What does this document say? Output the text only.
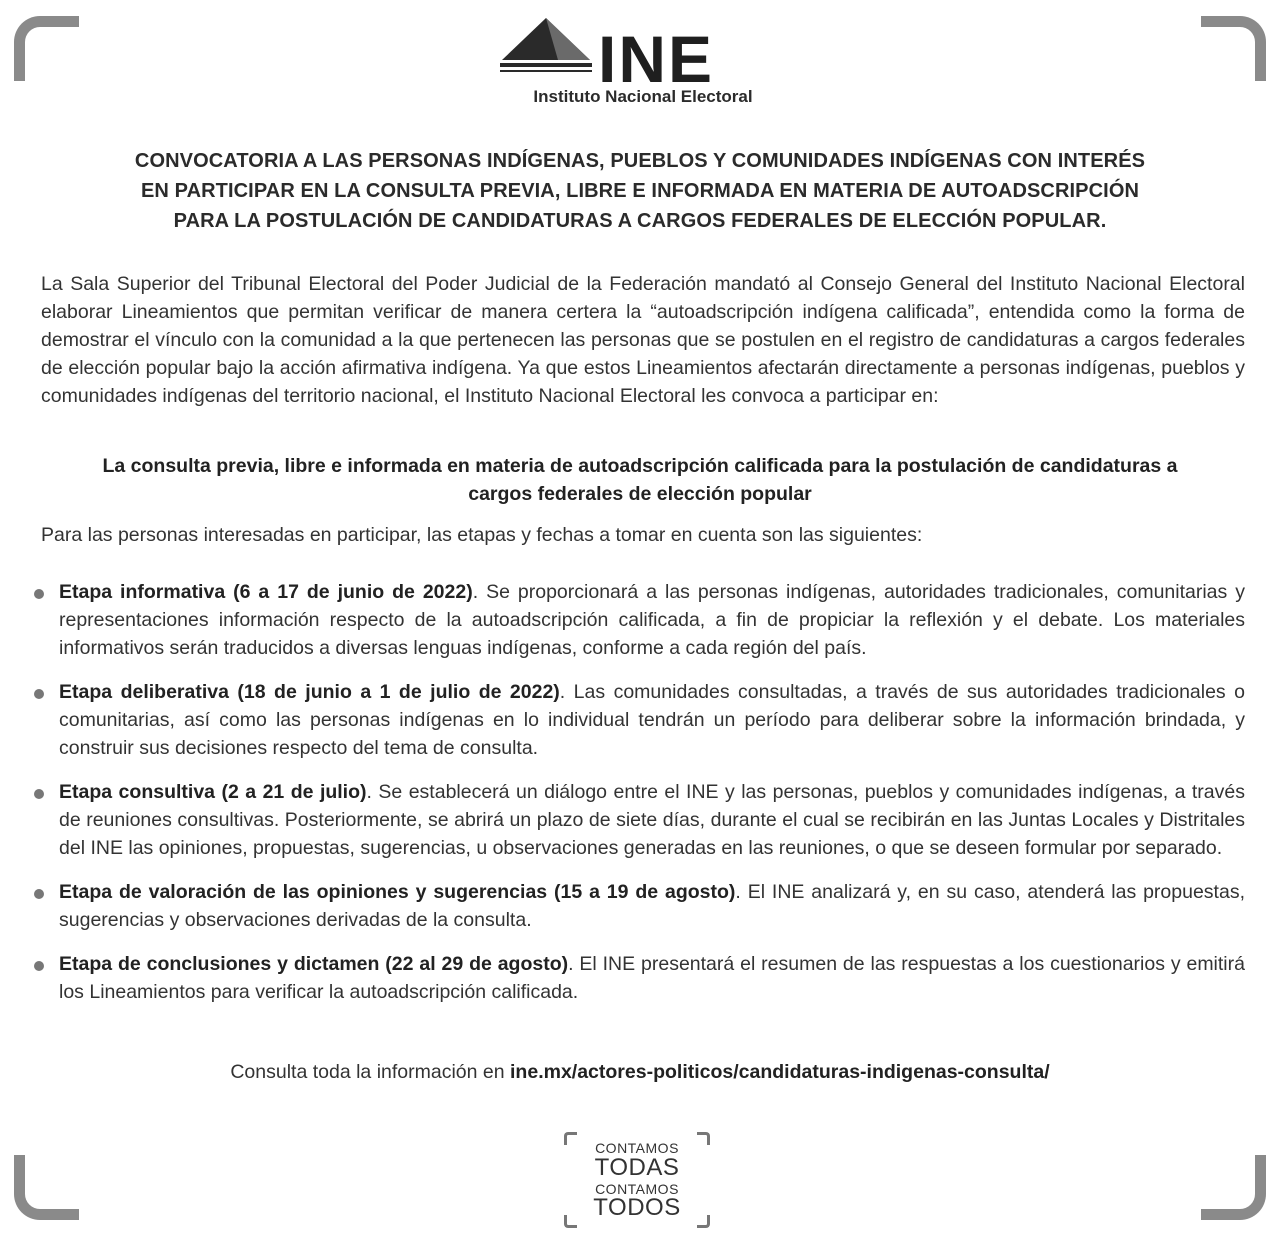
INE
Instituto Nacional Electoral
CONVOCATORIA A LAS PERSONAS INDÍGENAS, PUEBLOS Y COMUNIDADES INDÍGENAS CON INTERÉS
EN PARTICIPAR EN LA CONSULTA PREVIA, LIBRE E INFORMADA EN MATERIA DE AUTOADSCRIPCIÓN
PARA LA POSTULACIÓN DE CANDIDATURAS A CARGOS FEDERALES DE ELECCIÓN POPULAR.
La Sala Superior del Tribunal Electoral del Poder Judicial de la Federación mandató al Consejo General del Instituto Nacional Electoral elaborar Lineamientos que permitan verificar de manera certera la “autoadscripción indígena calificada”, entendida como la forma de demostrar el vínculo con la comunidad a la que pertenecen las personas que se postulen en el registro de candidaturas a cargos federales de elección popular bajo la acción afirmativa indígena. Ya que estos Lineamientos afectarán directamente a personas indígenas, pueblos y comunidades indígenas del territorio nacional, el Instituto Nacional Electoral les convoca a participar en:
La consulta previa, libre e informada en materia de autoadscripción calificada para la postulación de candidaturas a
cargos federales de elección popular
Para las personas interesadas en participar, las etapas y fechas a tomar en cuenta son las siguientes:
Etapa informativa (6 a 17 de junio de 2022). Se proporcionará a las personas indígenas, autoridades tradicionales, comunitarias y representaciones información respecto de la autoadscripción calificada, a fin de propiciar la reflexión y el debate. Los materiales informativos serán traducidos a diversas lenguas indígenas, conforme a cada región del país.
Etapa deliberativa (18 de junio a 1 de julio de 2022). Las comunidades consultadas, a través de sus autoridades tradicionales o comunitarias, así como las personas indígenas en lo individual tendrán un período para deliberar sobre la información brindada, y construir sus decisiones respecto del tema de consulta.
Etapa consultiva (2 a 21 de julio). Se establecerá un diálogo entre el INE y las personas, pueblos y comunidades indígenas, a través de reuniones consultivas. Posteriormente, se abrirá un plazo de siete días, durante el cual se recibirán en las Juntas Locales y Distritales del INE las opiniones, propuestas, sugerencias, u observaciones generadas en las reuniones, o que se deseen formular por separado.
Etapa de valoración de las opiniones y sugerencias (15 a 19 de agosto). El INE analizará y, en su caso, atenderá las propuestas, sugerencias y observaciones derivadas de la consulta.
Etapa de conclusiones y dictamen (22 al 29 de agosto). El INE presentará el resumen de las respuestas a los cuestionarios y emitirá los Lineamientos para verificar la autoadscripción calificada.
Consulta toda la información en ine.mx/actores-politicos/candidaturas-indigenas-consulta/
CONTAMOS
TODAS
CONTAMOS
TODOS
